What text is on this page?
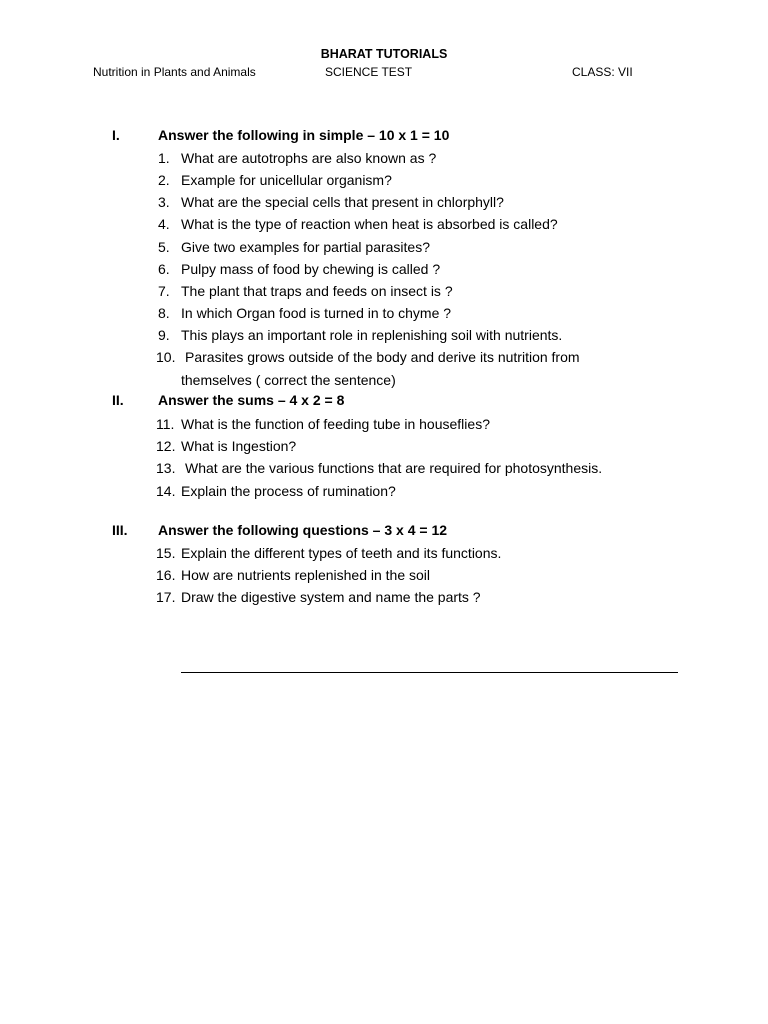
BHARAT TUTORIALS
Nutrition in Plants and Animals	SCIENCE TEST	CLASS: VII
I.	Answer the following in simple – 10 x 1 = 10
1. What are autotrophs are also known as ?
2. Example for unicellular organism?
3. What are the special cells that present in chlorphyll?
4. What is the type of reaction when heat is absorbed is called?
5. Give two examples for partial parasites?
6. Pulpy mass of food by chewing is called ?
7. The plant that traps and feeds on insect is ?
8. In which Organ food is turned in to chyme ?
9. This plays an important role in replenishing soil with nutrients.
10. Parasites grows outside of the body and derive its nutrition from
themselves ( correct the sentence)
II. Answer the sums – 4 x 2 = 8
11. What is the function of feeding tube in houseflies?
12. What is Ingestion?
13. What are the various functions that are required for photosynthesis.
14. Explain the process of rumination?
III. Answer the following questions – 3 x 4 = 12
15. Explain the different types of teeth and its functions.
16. How are nutrients replenished in the soil
17. Draw the digestive system and name the parts ?
